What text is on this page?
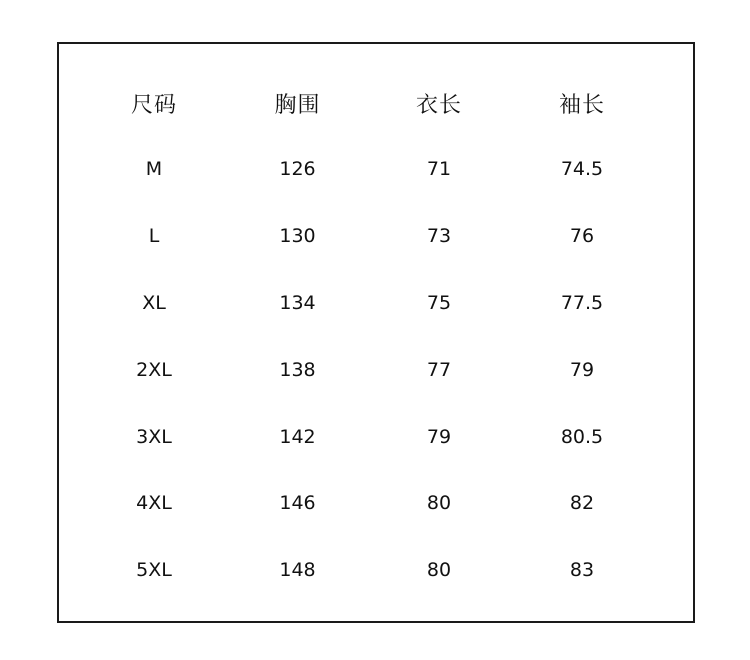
尺码	胸围	衣长	袖长
M	126	71	74.5
L	130	73	76
XL	134	75	77.5
2XL	138	77	79
3XL	142	79	80.5
4XL	146	80	82
5XL	148	80	83
